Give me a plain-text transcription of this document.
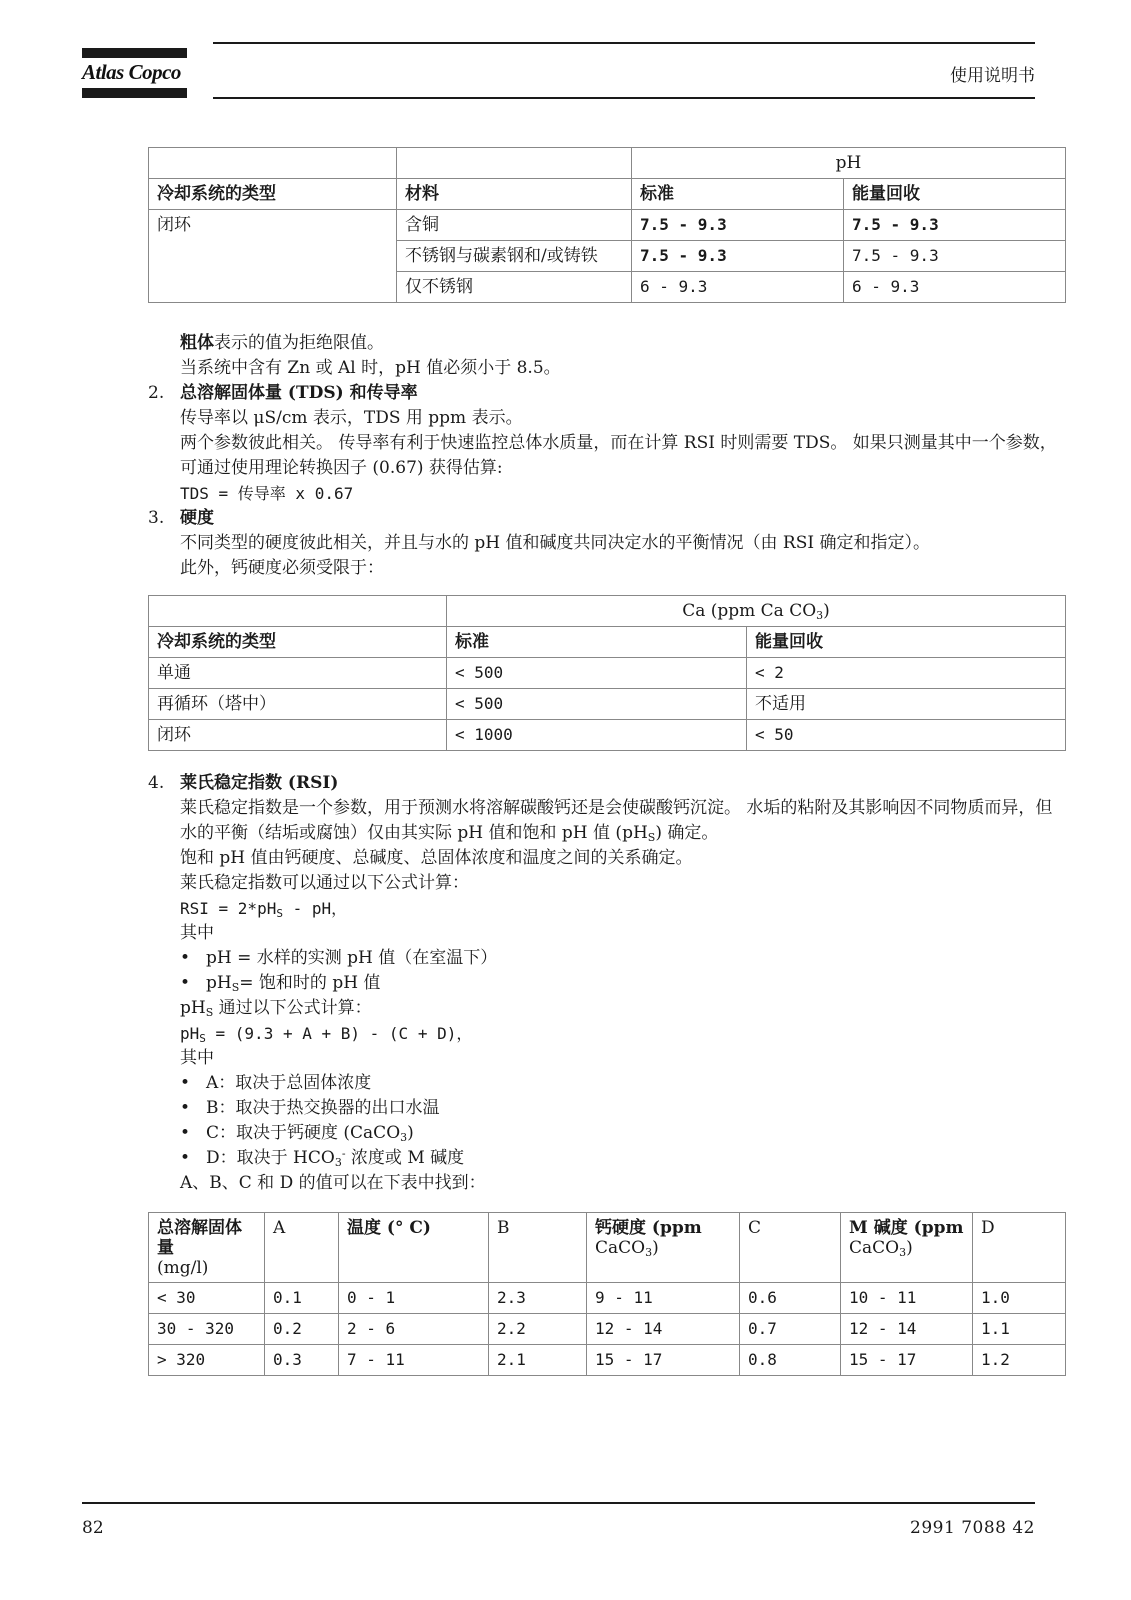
Atlas Copco	使用说明书
		pH	
冷却系统的类型	材料	标准	能量回收
闭环	含铜	7.5 - 9.3	7.5 - 9.3
	不锈钢与碳素钢和/或铸铁	7.5 - 9.3	7.5 - 9.3
	仅不锈钢	6 - 9.3	6 - 9.3
粗体表示的值为拒绝限值。
当系统中含有 Zn 或 Al 时，pH 值必须小于 8.5。
2. 总溶解固体量 (TDS) 和传导率
传导率以 μS/cm 表示，TDS 用 ppm 表示。
两个参数彼此相关。 传导率有利于快速监控总体水质量，而在计算 RSI 时则需要 TDS。 如果只测量其中一个参数，可通过使用理论转换因子 (0.67) 获得估算:
TDS = 传导率 x 0.67
3. 硬度
不同类型的硬度彼此相关，并且与水的 pH 值和碱度共同决定水的平衡情况（由 RSI 确定和指定）。
此外，钙硬度必须受限于：
	Ca (ppm Ca $CO_3$)	
冷却系统的类型	标准	能量回收
单通	< 500	< 2
再循环（塔中）	< 500	不适用
闭环	< 1000	< 50
4. 莱氏稳定指数 (RSI)
莱氏稳定指数是一个参数，用于预测水将溶解碳酸钙还是会使碳酸钙沉淀。 水垢的粘附及其影响因不同物质而异，但水的平衡（结垢或腐蚀）仅由其实际 pH 值和饱和 pH 值 $(pH_S)$ 确定。
饱和 pH 值由钙硬度、总碱度、总固体浓度和温度之间的关系确定。
莱氏稳定指数可以通过以下公式计算：
RSI = $2*pH_S$ - pH，
其中
• pH = 水样的实测 pH 值（在室温下）
• $pH_S=$ 饱和时的 pH 值
$pH_S$ 通过以下公式计算：
$pH_S = (9.3 + A + B) - (C + D)$，
其中
• A：取决于总固体浓度
• B：取决于热交换器的出口水温
• C：取决于钙硬度 (CaCO$_3$)
• D：取决于 $HCO_3^-$ 浓度或 M 碱度
A、B、C 和 D 的值可以在下表中找到：
总溶解固体
量
(mg/l)	A	温度 (° C)	B	钙硬度 (ppm
CaCO$_3$)	C	M 碱度 (ppm
CaCO$_3$)	D
< 30	0.1	0 - 1	2.3	9 - 11	0.6	10 - 11	1.0
30 - 320	0.2	2 - 6	2.2	12 - 14	0.7	12 - 14	1.1
> 320	0.3	7 - 11	2.1	15 - 17	0.8	15 - 17	1.2
82	2991 7088 42
